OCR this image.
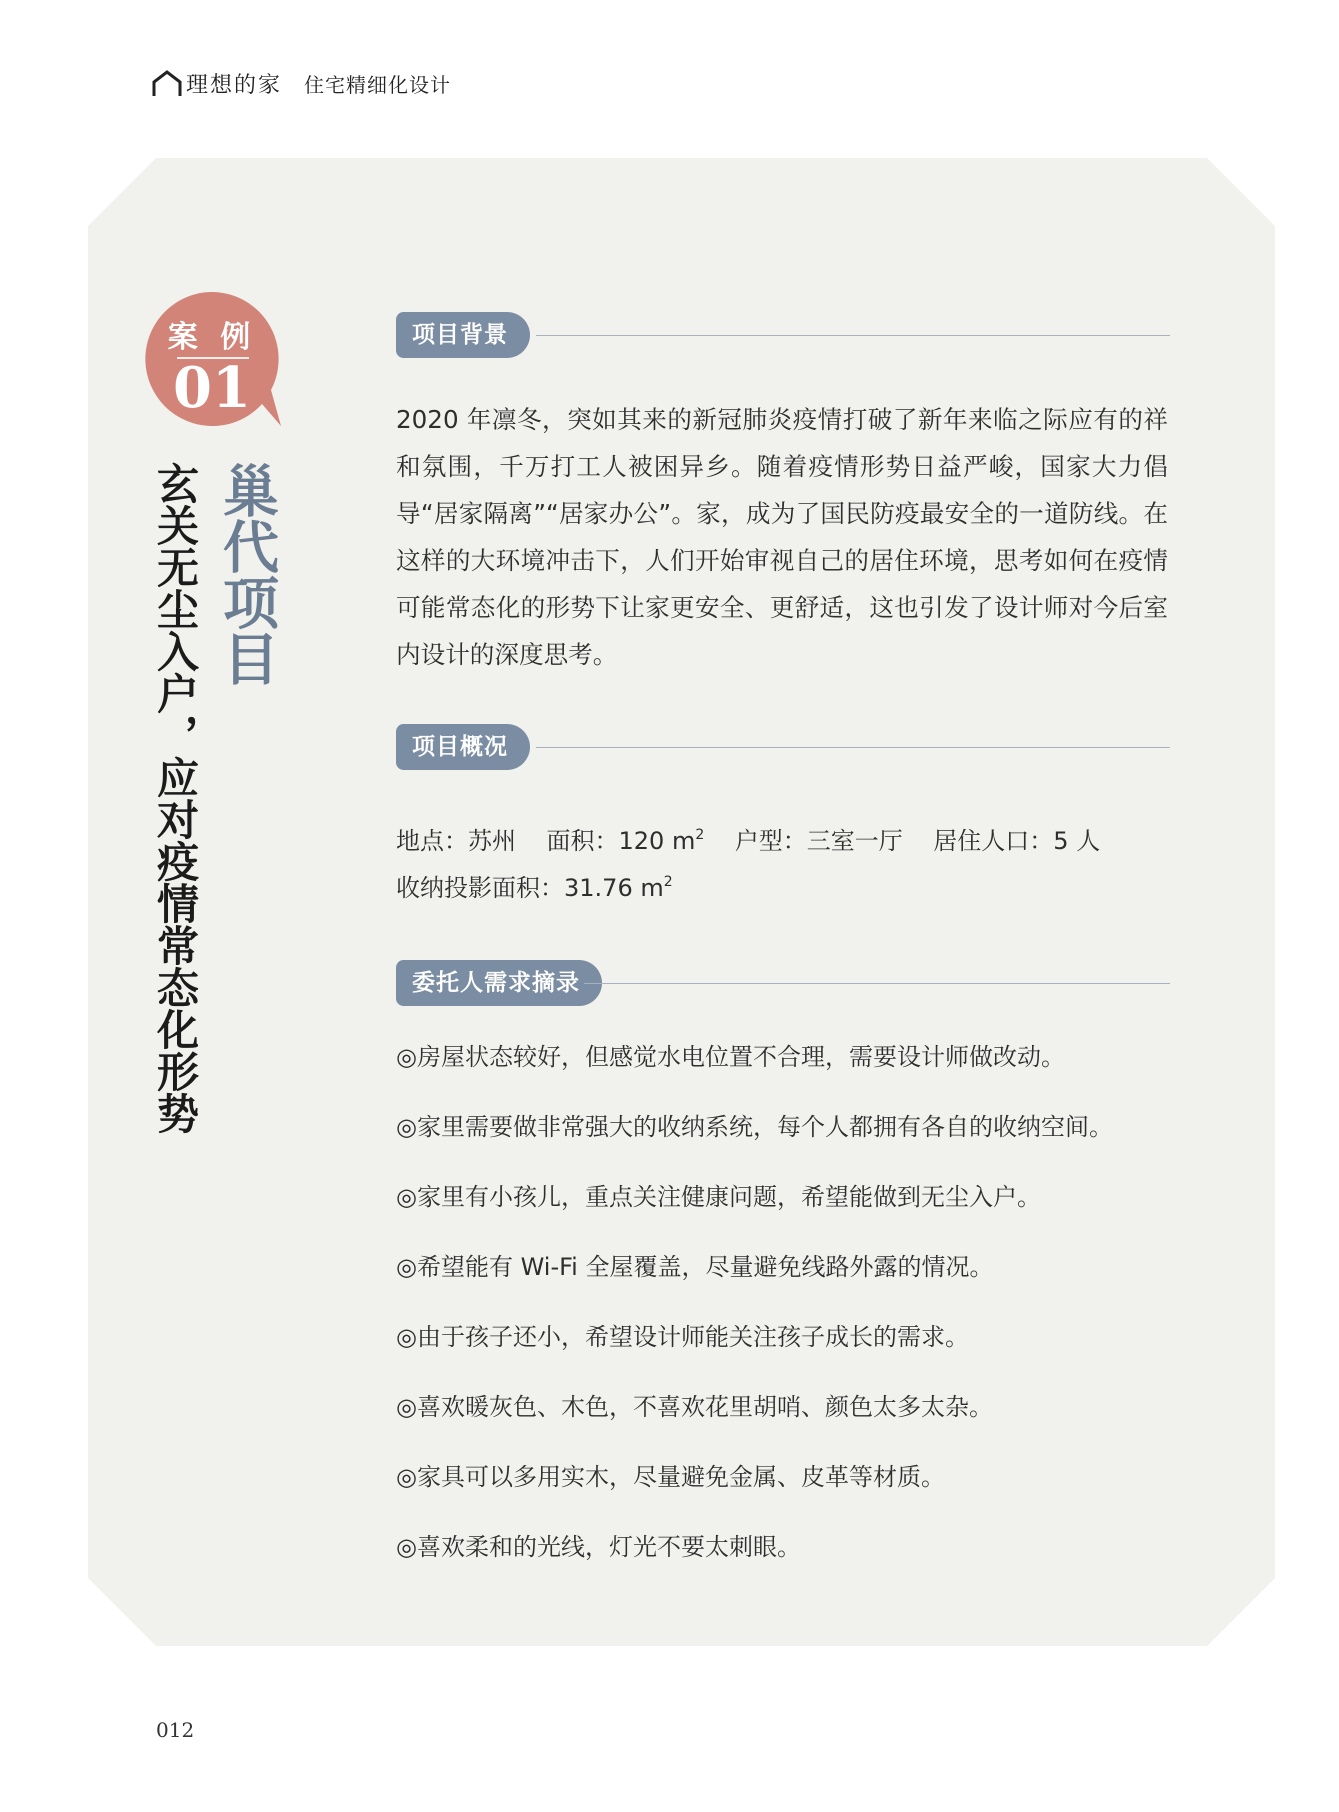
理想的家 住宅精细化设计
案 例
01
巢代项目
玄关无尘入户，应对疫情常态化形势
项目背景

2020 年凛冬，突如其来的新冠肺炎疫情打破了新年来临之际应有的祥和氛围，千万打工人被困异乡。随着疫情形势日益严峻，国家大力倡导“居家隔离”“居家办公”。家，成为了国民防疫最安全的一道防线。在这样的大环境冲击下，人们开始审视自己的居住环境，思考如何在疫情可能常态化的形势下让家更安全、更舒适，这也引发了设计师对今后室内设计的深度思考。

项目概况
地点：苏州 面积：120 $m^2$ 户型：三室一厅 居住人口：5 人
收纳投影面积：31.76 $m^2$
委托人需求摘录
◎房屋状态较好，但感觉水电位置不合理，需要设计师做改动。
◎家里需要做非常强大的收纳系统，每个人都拥有各自的收纳空间。
◎家里有小孩儿，重点关注健康问题，希望能做到无尘入户。
◎希望能有 Wi-Fi 全屋覆盖，尽量避免线路外露的情况。
◎由于孩子还小，希望设计师能关注孩子成长的需求。
◎喜欢暖灰色、木色，不喜欢花里胡哨、颜色太多太杂。
◎家具可以多用实木，尽量避免金属、皮革等材质。
◎喜欢柔和的光线，灯光不要太刺眼。
012
